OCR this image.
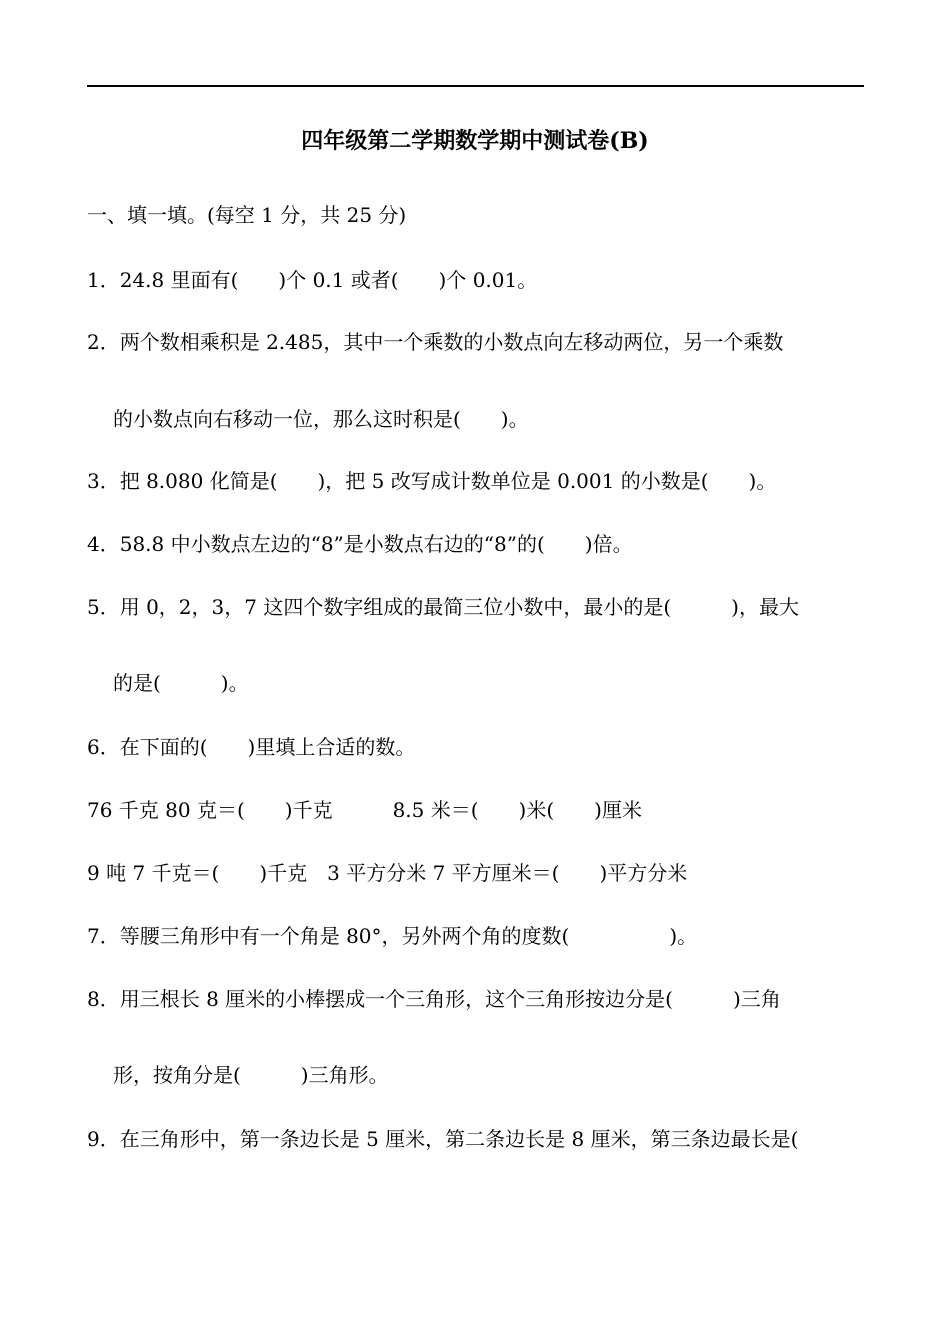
四年级第二学期数学期中测试卷(B)
一、填一填。(每空 1 分，共 25 分)
1．24.8 里面有(　　)个 0.1 或者(　　)个 0.01。
2．两个数相乘积是 2.485，其中一个乘数的小数点向左移动两位，另一个乘数
的小数点向右移动一位，那么这时积是(　　)。
3．把 8.080 化简是(　　)，把 5 改写成计数单位是 0.001 的小数是(　　)。
4．58.8 中小数点左边的“8”是小数点右边的“8”的(　　)倍。
5．用 0，2，3，7 这四个数字组成的最简三位小数中，最小的是(　　　)，最大
的是(　　　)。
6．在下面的(　　)里填上合适的数。
76 千克 80 克＝(　　)千克　　　8.5 米＝(　　)米(　　)厘米
9 吨 7 千克＝(　　)千克　3 平方分米 7 平方厘米＝(　　)平方分米
7．等腰三角形中有一个角是 80°，另外两个角的度数(　　　　　)。
8．用三根长 8 厘米的小棒摆成一个三角形，这个三角形按边分是(　　　)三角
形，按角分是(　　　)三角形。
9．在三角形中，第一条边长是 5 厘米，第二条边长是 8 厘米，第三条边最长是(
